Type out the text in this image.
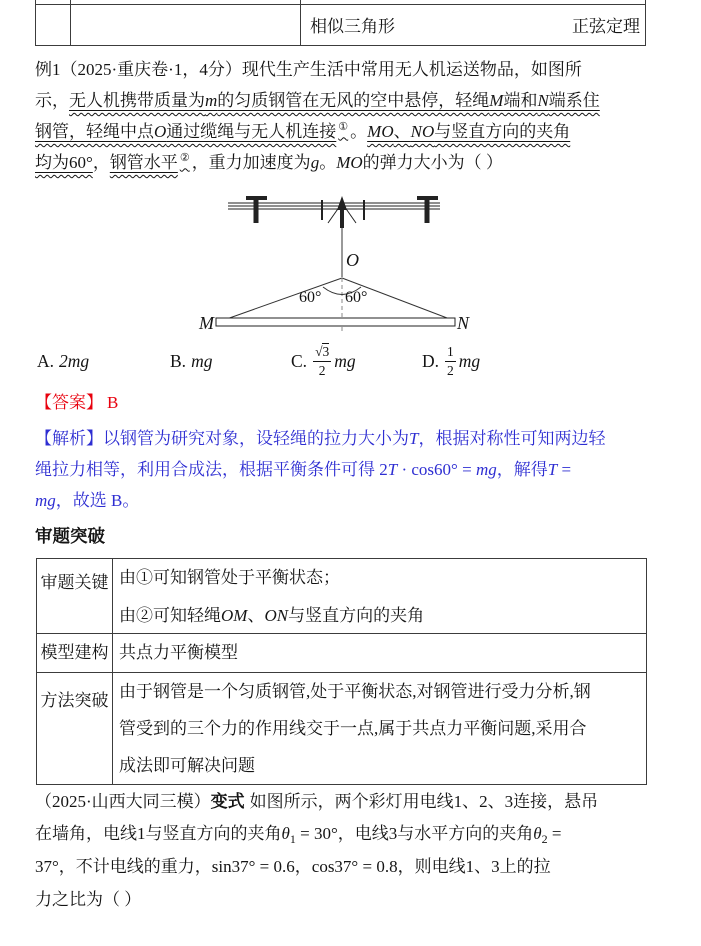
相似三角形	正弦定理
例1（2025·重庆卷·1，4分）现代生产生活中常用无人机运送物品，如图所
示，无人机携带质量为m的匀质钢管在无风的空中悬停，轻绳M端和N端系住
钢管，轻绳中点O通过缆绳与无人机连接 ① 。MO、NO与竖直方向的夹角
均为60°，钢管水平 ② ，重力加速度为g。MO的弹力大小为（ ）
O
60° 60°
M	N
A. 2mg	B. mg	C. $\frac{√3}{2}$ mg	D. $\frac{1}{2}$ mg
【答案】 B
【解析】以钢管为研究对象，设轻绳的拉力大小为T，根据对称性可知两边轻
绳拉力相等，利用合成法，根据平衡条件可得 2T · cos60° = mg，解得T =
mg，故选 B。
审题突破
审题关键 由①可知钢管处于平衡状态；
由②可知轻绳OM、ON与竖直方向的夹角
模型建构 共点力平衡模型
方法突破 由于钢管是一个匀质钢管,处于平衡状态,对钢管进行受力分析,钢
管受到的三个力的作用线交于一点,属于共点力平衡问题,采用合
成法即可解决问题
（2025·山西大同三模）变式 如图所示，两个彩灯用电线1、2、3连接，悬吊
在墙角，电线1与竖直方向的夹角$\theta_1 = 30^\circ$，电线3与水平方向的夹角$\theta_2$ =
37°，不计电线的重力，sin37° = 0.6，cos37° = 0.8，则电线1、3上的拉
力之比为（ ）
